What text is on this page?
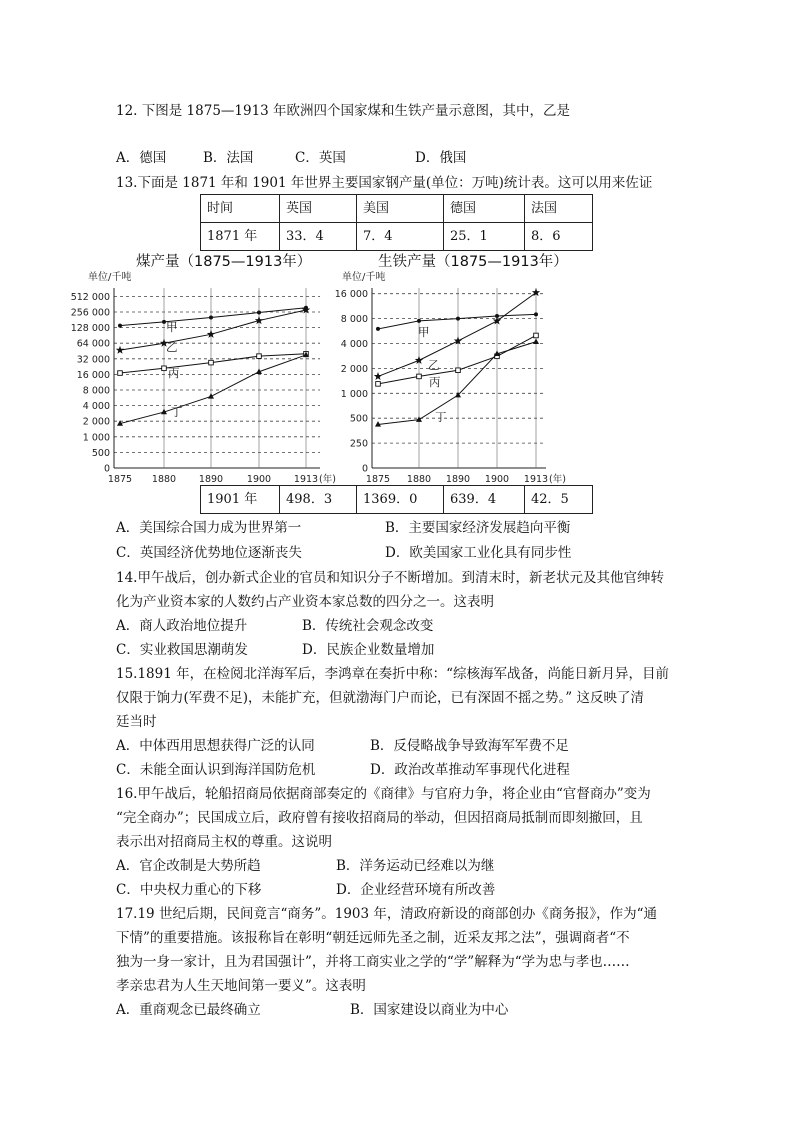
12. 下图是 1875—1913 年欧洲四个国家煤和生铁产量示意图，其中，乙是
A．德国	B．法国	C．英国	D．俄国
13.下面是 1871 年和 1901 年世界主要国家钢产量(单位：万吨)统计表。这可以用来佐证
时间	英国	美国	德国	法国
1871 年	33．4	7．4	25．1	8．6
煤产量（1875—1913年）	生铁产量（1875—1913年）
单位/千吨
0
500
1 000
2 000
4 000
8 000
16 000
32 000
64 000
128 000
256 000
512 000
1875 1880 1890	1900 1913 (年)
甲
乙
丙
丁
单位/千吨
0
250
500
1 000
2 000
4 000
8 000
16 000
1875 1880 1890 1900 1913 (年)
甲
乙
丙
丁
1901 年	498．3	1369．0	639．4	42．5
A．美国综合国力成为世界第一	B．主要国家经济发展趋向平衡
C．英国经济优势地位逐渐丧失	D．欧美国家工业化具有同步性
14.甲午战后，创办新式企业的官员和知识分子不断增加。到清末时，新老状元及其他官绅转
化为产业资本家的人数约占产业资本家总数的四分之一。这表明
A．商人政治地位提升	B．传统社会观念改变
C．实业救国思潮萌发	D．民族企业数量增加
15.1891 年，在检阅北洋海军后，李鸿章在奏折中称：“综核海军战备，尚能日新月异，目前
仅限于饷力(军费不足)，未能扩充，但就渤海门户而论，已有深固不摇之势。” 这反映了清
廷当时
A．中体西用思想获得广泛的认同	B．反侵略战争导致海军军费不足
C．未能全面认识到海洋国防危机	D．政治改革推动军事现代化进程
16.甲午战后，轮船招商局依据商部奏定的《商律》与官府力争，将企业由“官督商办”变为
“完全商办”；民国成立后，政府曾有接收招商局的举动，但因招商局抵制而即刻撤回，且
表示出对招商局主权的尊重。这说明
A．官企改制是大势所趋	B．洋务运动已经难以为继
C．中央权力重心的下移	D．企业经营环境有所改善
17.19 世纪后期，民间竟言“商务”。1903 年，清政府新设的商部创办《商务报》，作为“通
下情”的重要措施。该报称旨在彰明“朝廷远师先圣之制，近采友邦之法”，强调商者“不
独为一身一家计，且为君国强计”，并将工商实业之学的“学”解释为“学为忠与孝也……
孝亲忠君为人生天地间第一要义”。这表明
A．重商观念已最终确立	B．国家建设以商业为中心
